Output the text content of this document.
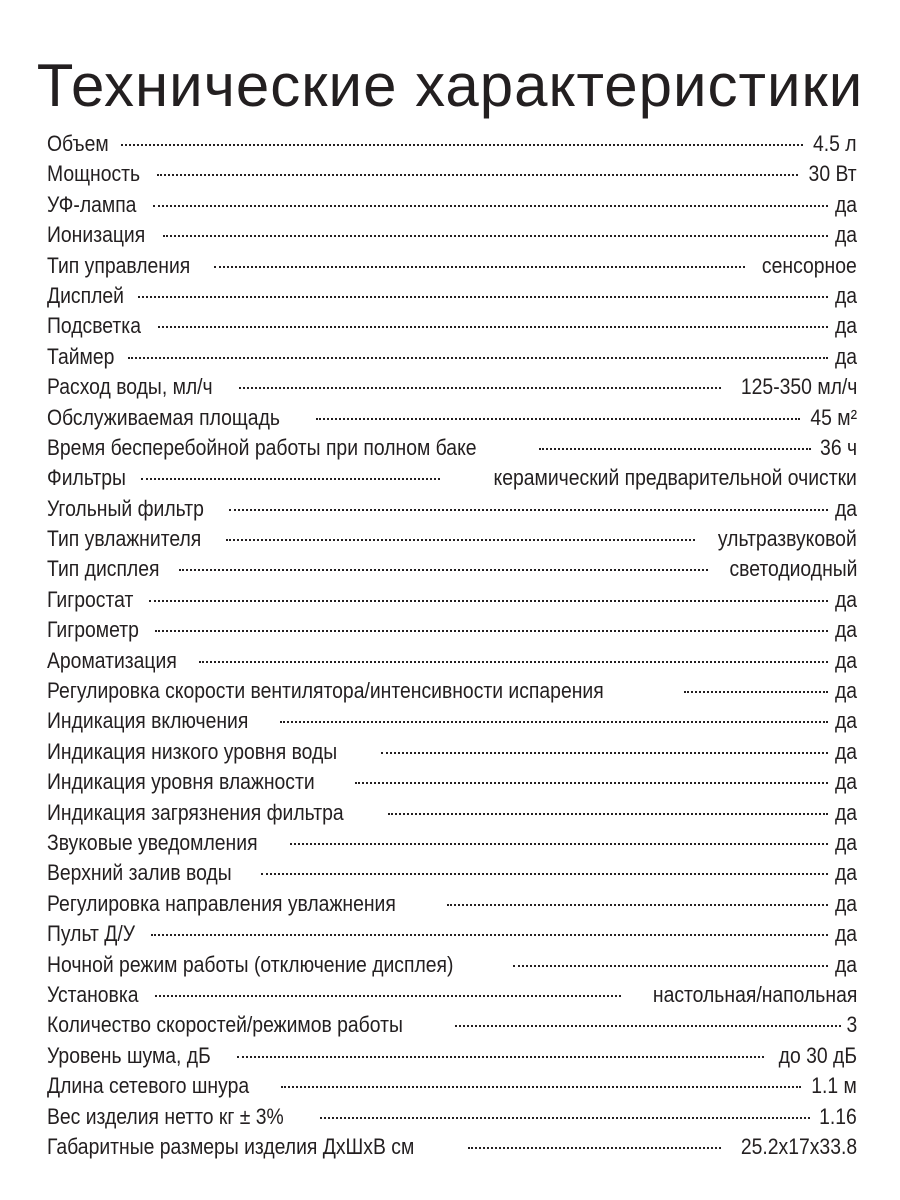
Технические характеристики
Объем	4.5 л
Мощность	30 Вт
УФ-лампа	да
Ионизация	да
Тип управления	сенсорное
Дисплей	да
Подсветка	да
Таймер	да
Расход воды, мл/ч	125-350 мл/ч
Обслуживаемая площадь	45 м²
Время бесперебойной работы при полном баке	36 ч
Фильтры	керамический предварительной очистки
Угольный фильтр	да
Тип увлажнителя	ультразвуковой
Тип дисплея	светодиодный
Гигростат	да
Гигрометр	да
Ароматизация	да
Регулировка скорости вентилятора/интенсивности испарения	да
Индикация включения	да
Индикация низкого уровня воды	да
Индикация уровня влажности	да
Индикация загрязнения фильтра	да
Звуковые уведомления	да
Верхний залив воды	да
Регулировка направления увлажнения	да
Пульт Д/У	да
Ночной режим работы (отключение дисплея)	да
Установка	настольная/напольная
Количество скоростей/режимов работы	3
Уровень шума, дБ	до 30 дБ
Длина сетевого шнура	1.1 м
Вес изделия нетто кг ± 3%	1.16
Габаритные размеры изделия ДхШхВ см	25.2x17x33.8
